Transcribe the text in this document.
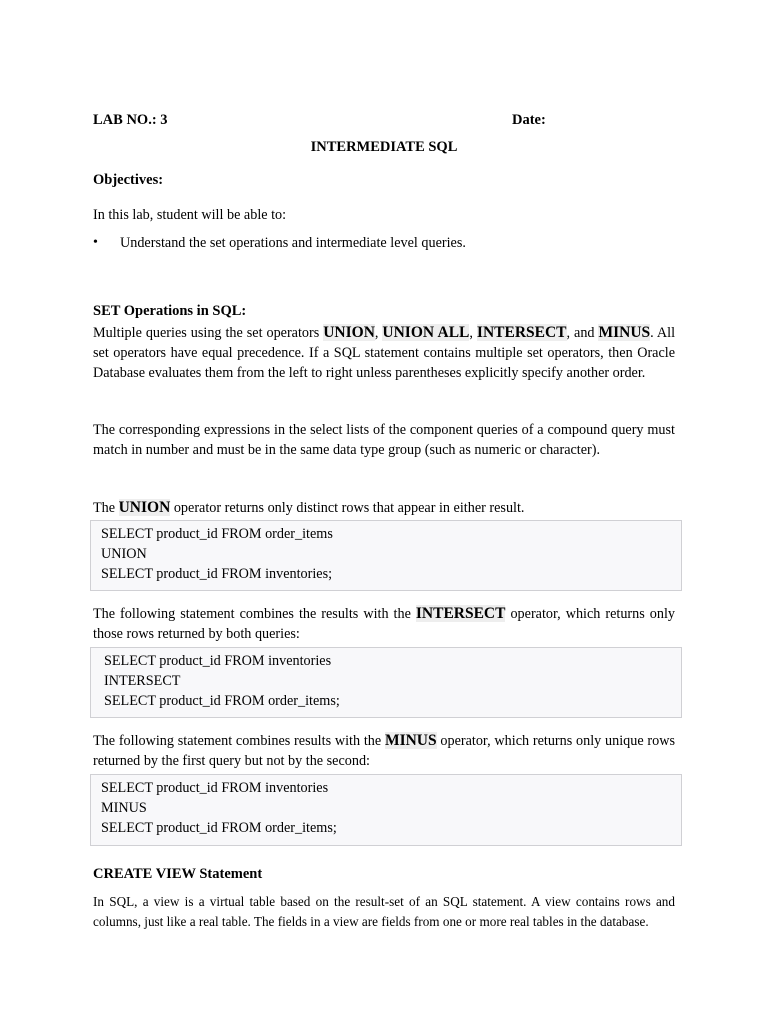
LAB NO.: 3	Date:
INTERMEDIATE SQL
Objectives:
In this lab, student will be able to:
• Understand the set operations and intermediate level queries.
SET Operations in SQL:
Multiple queries using the set operators UNION, UNION ALL, INTERSECT, and MINUS. All set operators have equal precedence. If a SQL statement contains multiple set operators, then Oracle Database evaluates them from the left to right unless parentheses explicitly specify another order.
The corresponding expressions in the select lists of the component queries of a compound query must match in number and must be in the same data type group (such as numeric or character).
The UNION operator returns only distinct rows that appear in either result.
SELECT product_id FROM order_items
UNION
SELECT product_id FROM inventories;
The following statement combines the results with the INTERSECT operator, which returns only those rows returned by both queries:
SELECT product_id FROM inventories
INTERSECT
SELECT product_id FROM order_items;
The following statement combines results with the MINUS operator, which returns only unique rows returned by the first query but not by the second:
SELECT product_id FROM inventories
MINUS
SELECT product_id FROM order_items;
CREATE VIEW Statement
In SQL, a view is a virtual table based on the result-set of an SQL statement. A view contains rows and columns, just like a real table. The fields in a view are fields from one or more real tables in the database.
